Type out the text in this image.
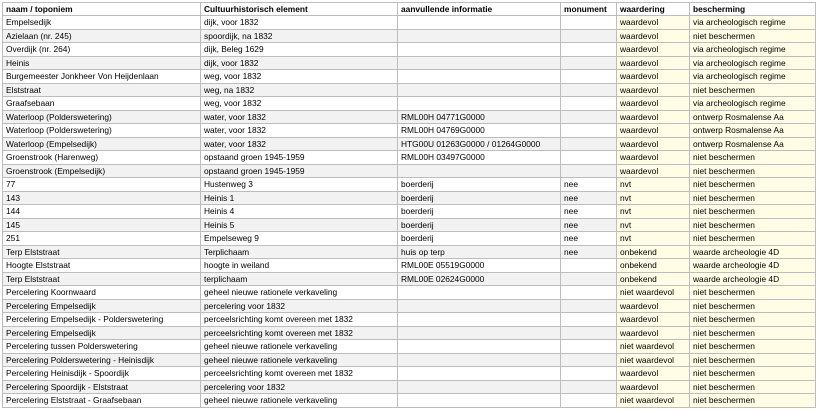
naam / toponiem	Cultuurhistorisch element	aanvullende informatie	monument	waardering	bescherming
Empelsedijk	dijk, voor 1832			waardevol	via archeologisch regime
Azielaan (nr. 245)	spoordijk, na 1832			waardevol	niet beschermen
Overdijk (nr. 264)	dijk, Beleg 1629			waardevol	via archeologisch regime
Heinis	dijk, voor 1832			waardevol	via archeologisch regime
Burgemeester Jonkheer Von Heijdenlaan	weg, voor 1832			waardevol	via archeologisch regime
Elststraat	weg, na 1832			waardevol	niet beschermen
Graafsebaan	weg, voor 1832			waardevol	via archeologisch regime
Waterloop (Polderswetering)	water, voor 1832	RML00H 04771G0000		waardevol	ontwerp Rosmalense Aa
Waterloop (Polderswetering)	water, voor 1832	RML00H 04769G0000		waardevol	ontwerp Rosmalense Aa
Waterloop (Empelsedijk)	water, voor 1832	HTG00U 01263G0000 / 01264G0000		waardevol	ontwerp Rosmalense Aa
Groenstrook (Harenweg)	opstaand groen 1945-1959	RML00H 03497G0000		waardevol	niet beschermen
Groenstrook (Empelsedijk)	opstaand groen 1945-1959			waardevol	niet beschermen
77	Hustenweg 3	boerderij	nee	nvt	niet beschermen
143	Heinis 1	boerderij	nee	nvt	niet beschermen
144	Heinis 4	boerderij	nee	nvt	niet beschermen
145	Heinis 5	boerderij	nee	nvt	niet beschermen
251	Empelseweg 9	boerderij	nee	nvt	niet beschermen
Terp Elststraat	Terplichaam	huis op terp	nee	onbekend	waarde archeologie 4D
Hoogte Elststraat	hoogte in weiland	RML00E 05519G0000		onbekend	waarde archeologie 4D
Terp Elststraat	terplichaam	RML00E 02624G0000		onbekend	waarde archeologie 4D
Percelering Koornwaard	geheel nieuwe rationele verkaveling			niet waardevol	niet beschermen
Percelering Empelsedijk	percelering voor 1832			waardevol	niet beschermen
Percelering Empelsedijk - Polderswetering	perceelsrichting komt overeen met 1832			waardevol	niet beschermen
Percelering Empelsedijk	perceelsrichting komt overeen met 1832			waardevol	niet beschermen
Percelering tussen Polderswetering	geheel nieuwe rationele verkaveling			niet waardevol	niet beschermen
Percelering Polderswetering - Heinisdijk	geheel nieuwe rationele verkaveling			niet waardevol	niet beschermen
Percelering Heinisdijk - Spoordijk	perceelsrichting komt overeen met 1832			waardevol	niet beschermen
Percelering Spoordijk - Elststraat	percelering voor 1832			waardevol	niet beschermen
Percelering Elststraat - Graafsebaan	geheel nieuwe rationele verkaveling			niet waardevol	niet beschermen
